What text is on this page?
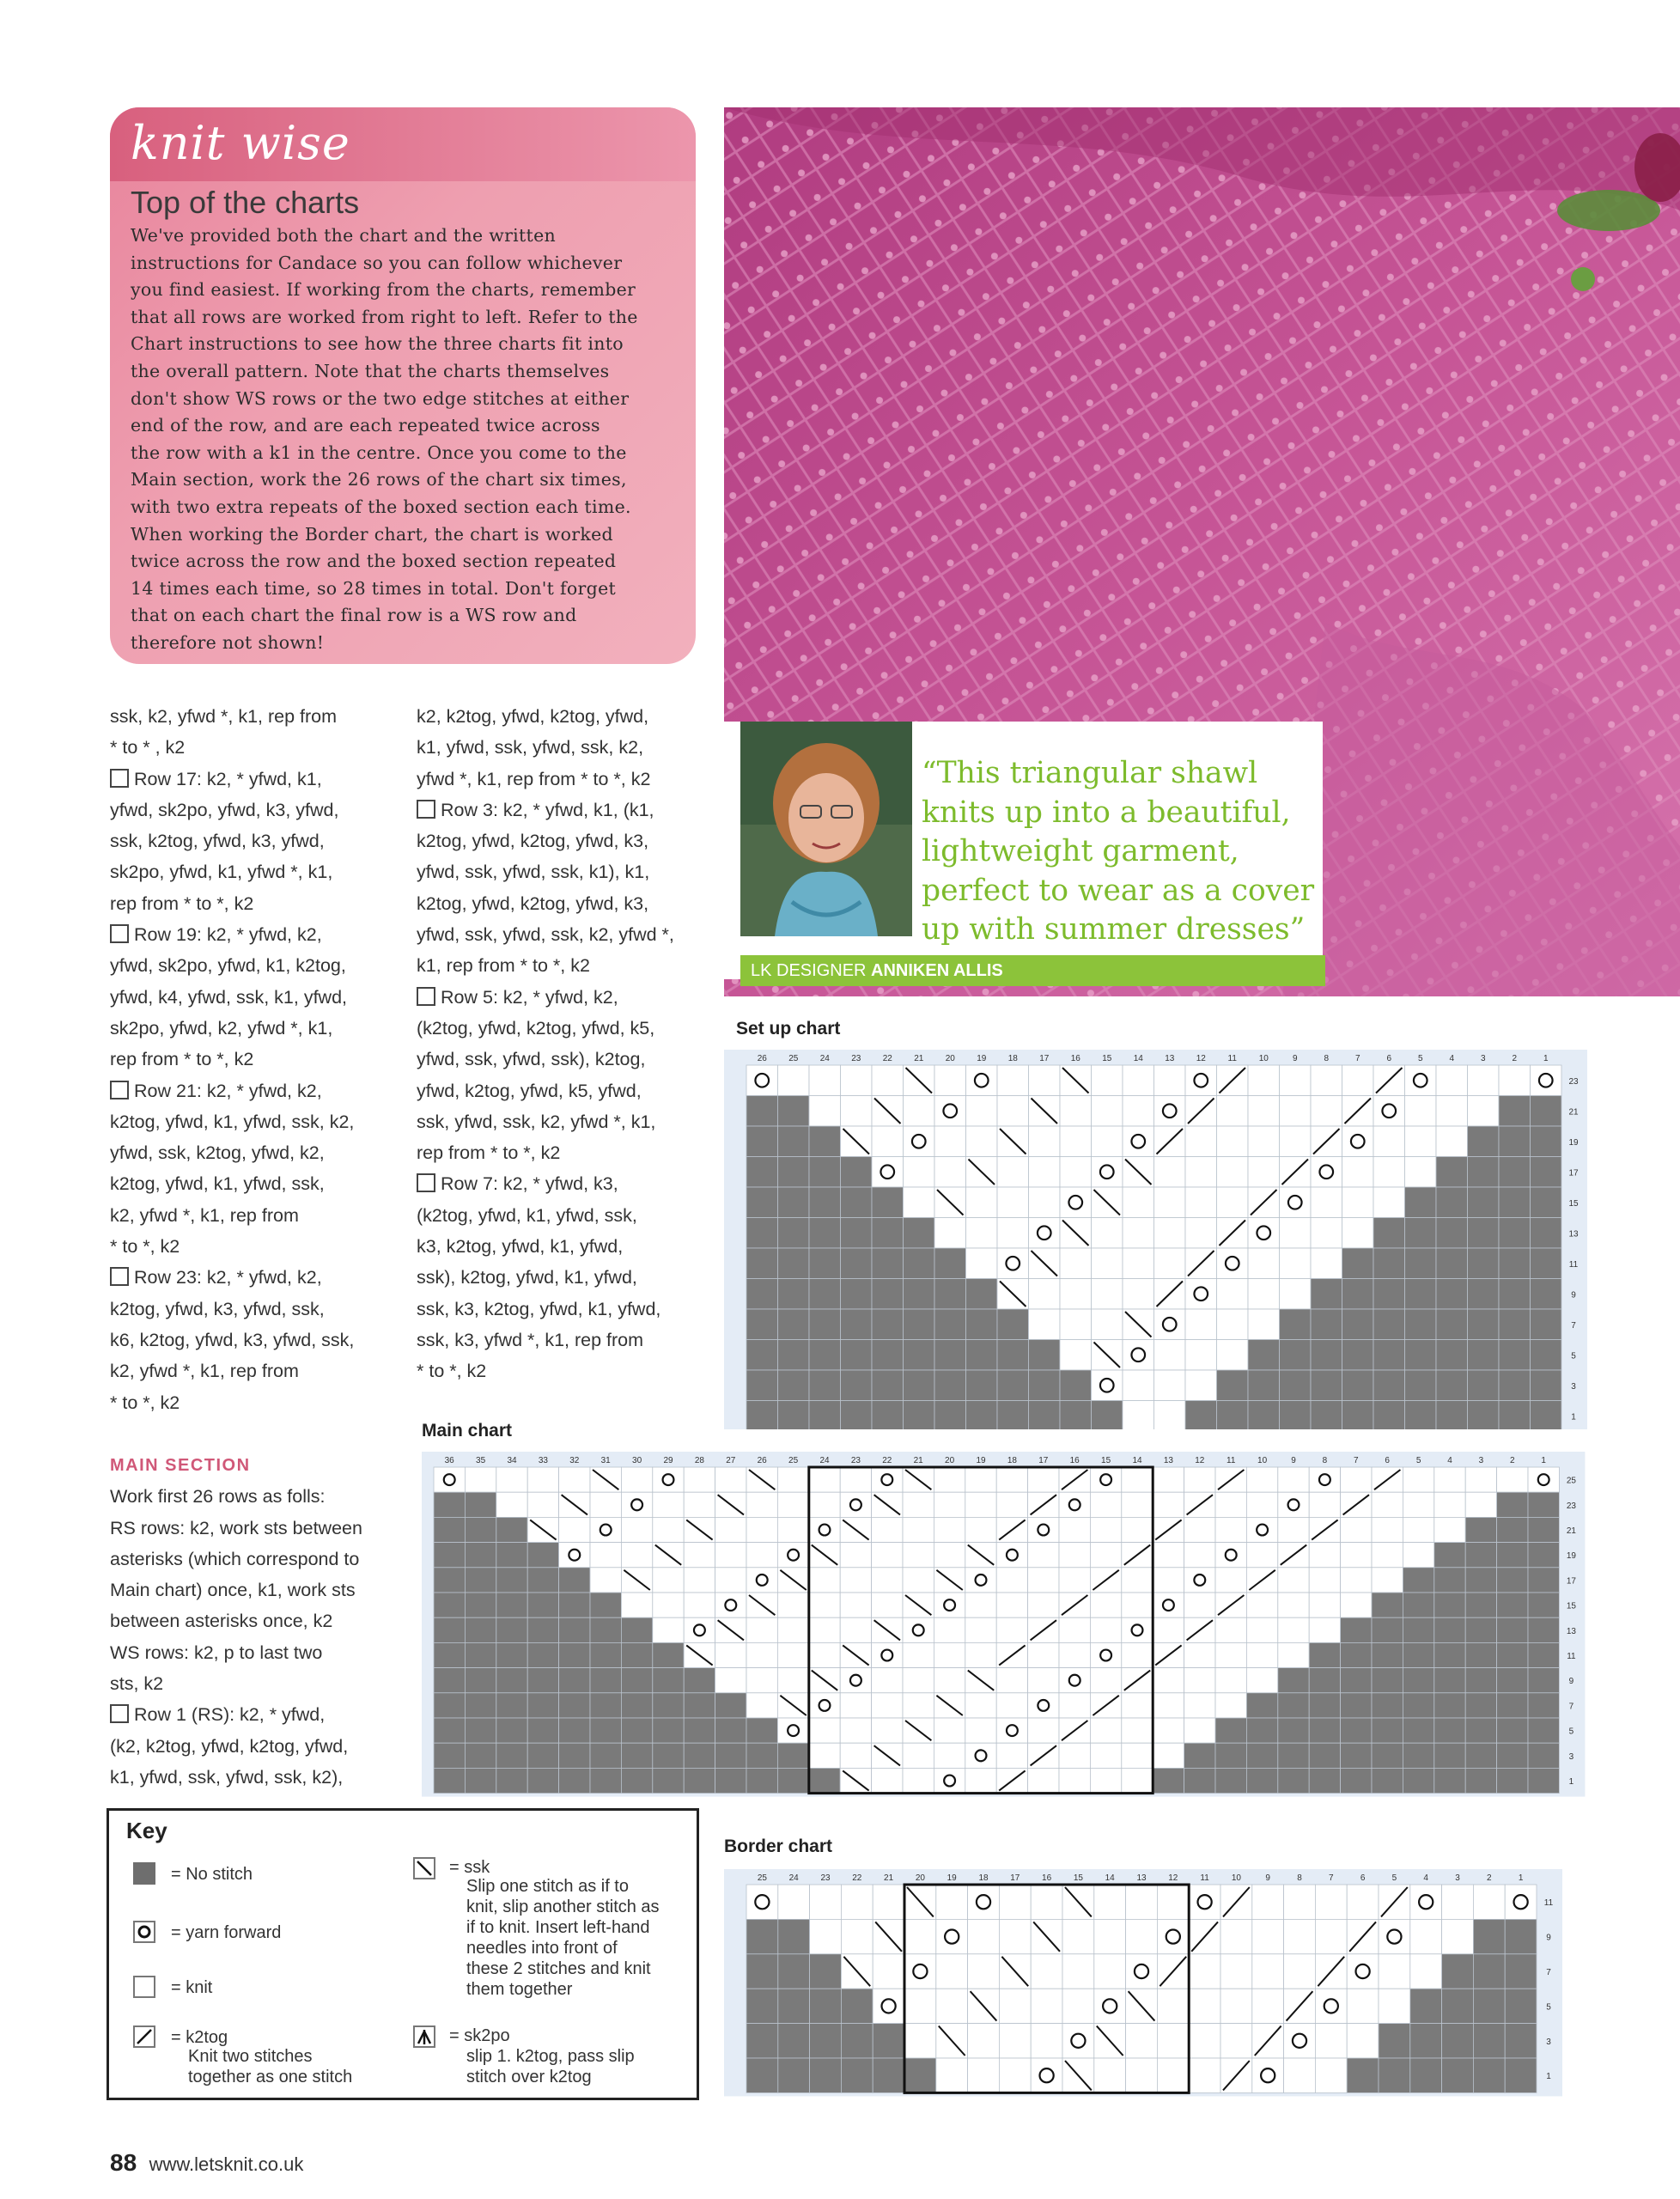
knit wise
Top of the charts
We've provided both the chart and the written
instructions for Candace so you can follow whichever
you find easiest. If working from the charts, remember
that all rows are worked from right to left. Refer to the
Chart instructions to see how the three charts fit into
the overall pattern. Note that the charts themselves
don't show WS rows or the two edge stitches at either
end of the row, and are each repeated twice across
the row with a k1 in the centre. Once you come to the
Main section, work the 26 rows of the chart six times,
with two extra repeats of the boxed section each time.
When working the Border chart, the chart is worked
twice across the row and the boxed section repeated
14 times each time, so 28 times in total. Don't forget
that on each chart the final row is a WS row and
therefore not shown!
“This triangular shawl knits up into a beautiful, lightweight garment, perfect to wear as a cover up with summer dresses”
LK DESIGNER ANNIKEN ALLIS
ssk, k2, yfwd *, k1, rep from
* to * , k2
Row 17: k2, * yfwd, k1,
yfwd, sk2po, yfwd, k3, yfwd,
ssk, k2tog, yfwd, k3, yfwd,
sk2po, yfwd, k1, yfwd *, k1,
rep from * to *, k2
Row 19: k2, * yfwd, k2,
yfwd, sk2po, yfwd, k1, k2tog,
yfwd, k4, yfwd, ssk, k1, yfwd,
sk2po, yfwd, k2, yfwd *, k1,
rep from * to *, k2
Row 21: k2, * yfwd, k2,
k2tog, yfwd, k1, yfwd, ssk, k2,
yfwd, ssk, k2tog, yfwd, k2,
k2tog, yfwd, k1, yfwd, ssk,
k2, yfwd *, k1, rep from
* to *, k2
Row 23: k2, * yfwd, k2,
k2tog, yfwd, k3, yfwd, ssk,
k6, k2tog, yfwd, k3, yfwd, ssk,
k2, yfwd *, k1, rep from
* to *, k2
k2, k2tog, yfwd, k2tog, yfwd,
k1, yfwd, ssk, yfwd, ssk, k2,
yfwd *, k1, rep from * to *, k2
Row 3: k2, * yfwd, k1, (k1,
k2tog, yfwd, k2tog, yfwd, k3,
yfwd, ssk, yfwd, ssk, k1), k1,
k2tog, yfwd, k2tog, yfwd, k3,
yfwd, ssk, yfwd, ssk, k2, yfwd *,
k1, rep from * to *, k2
Row 5: k2, * yfwd, k2,
(k2tog, yfwd, k2tog, yfwd, k5,
yfwd, ssk, yfwd, ssk), k2tog,
yfwd, k2tog, yfwd, k5, yfwd,
ssk, yfwd, ssk, k2, yfwd *, k1,
rep from * to *, k2
Row 7: k2, * yfwd, k3,
(k2tog, yfwd, k1, yfwd, ssk,
k3, k2tog, yfwd, k1, yfwd,
ssk), k2tog, yfwd, k1, yfwd,
ssk, k3, k2tog, yfwd, k1, yfwd,
ssk, k3, yfwd *, k1, rep from
* to *, k2
MAIN SECTION
Work first 26 rows as folls:
RS rows: k2, work sts between
asterisks (which correspond to
Main chart) once, k1, work sts
between asterisks once, k2
WS rows: k2, p to last two
sts, k2
Row 1 (RS): k2, * yfwd,
(k2, k2tog, yfwd, k2tog, yfwd,
k1, yfwd, ssk, yfwd, ssk, k2),
Set up chart
Main chart
Border chart
26	25	24	23	22	21	20	19	18	17	16	15	14	13	12	11	10	9	8	7	6	5	4	3	2	1
23
21
19
17
15
13
11
9
7
5
3
1
36	35	34	33	32	31	30	29	28	27	26	25	24	23	22	21	20	19	18	17	16	15	14	13	12	11	10	9	8	7	6	5	4	3	2	1
25
23
21
19
17
15
13
11
9
7
5
3
1
25	24	23	22	21	20	19	18	17	16	15	14	13	12	11	10	9	8	7	6	5	4	3	2	1
11
9
7
5
3
1
Key
= No stitch
= yarn forward
= knit
= k2tog
Knit two stitches
together as one stitch
= ssk
Slip one stitch as if to
knit, slip another stitch as
if to knit. Insert left-hand
needles into front of
these 2 stitches and knit
them together
= sk2po
slip 1. k2tog, pass slip
stitch over k2tog
88 www.letsknit.co.uk
